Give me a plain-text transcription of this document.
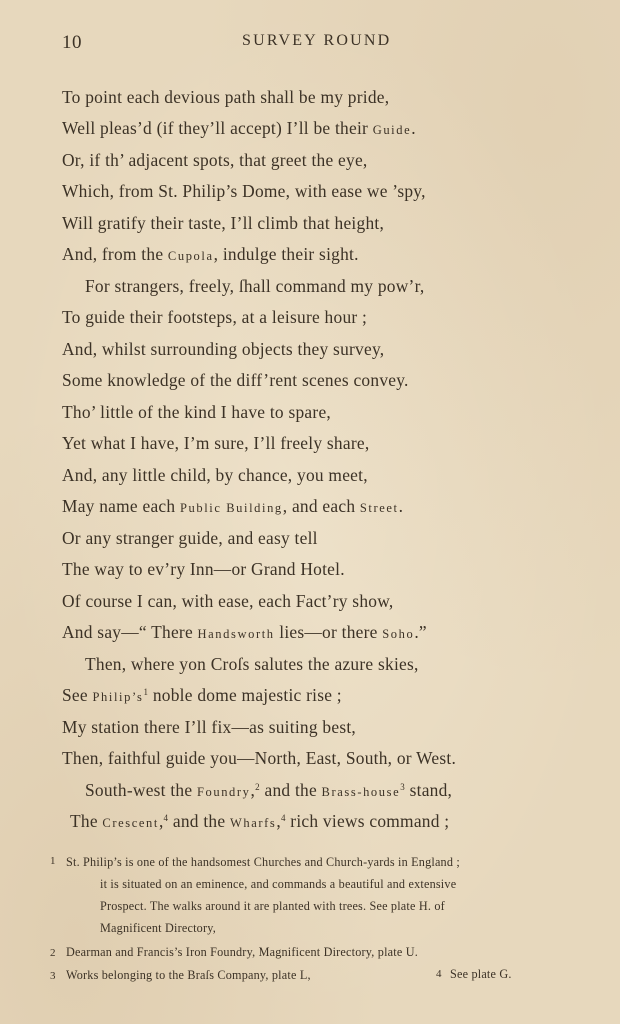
10	SURVEY ROUND
To point each devious path shall be my pride,
Well pleas’d (if they’ll accept) I’ll be their Guide.
Or, if th’ adjacent spots, that greet the eye,
Which, from St. Philip’s Dome, with ease we ’spy,
Will gratify their taste, I’ll climb that height,
And, from the Cupola, indulge their sight.
For strangers, freely, ſhall command my pow’r,
To guide their footsteps, at a leisure hour ;
And, whilst surrounding objects they survey,
Some knowledge of the diff’rent scenes convey.
Tho’ little of the kind I have to spare,
Yet what I have, I’m sure, I’ll freely share,
And, any little child, by chance, you meet,
May name each Public Building, and each Street.
Or any stranger guide, and easy tell
The way to ev’ry Inn—or Grand Hotel.
Of course I can, with ease, each Fact’ry show,
And say—“ There Handsworth lies—or there Soho.”
Then, where yon Croſs salutes the azure skies,
See $Philip’s^1$ noble dome majestic rise ;
My station there I’ll fix—as suiting best,
Then, faithful guide you—North, East, South, or West.
South-west the Foundry,$^2$ and the Brass-house$^3$ stand,
The Crescent,$^4$ and the Wharfs,$^4$ rich views command ;
1 St. Philip’s is one of the handsomest Churches and Church-yards in England ;
it is situated on an eminence, and commands a beautiful and extensive
Prospect. The walks around it are planted with trees. See plate H. of
Magnificent Directory,
2 Dearman and Francis’s Iron Foundry, Magnificent Directory, plate U.
3 Works belonging to the Braſs Company, plate L,	4 See plate G.
